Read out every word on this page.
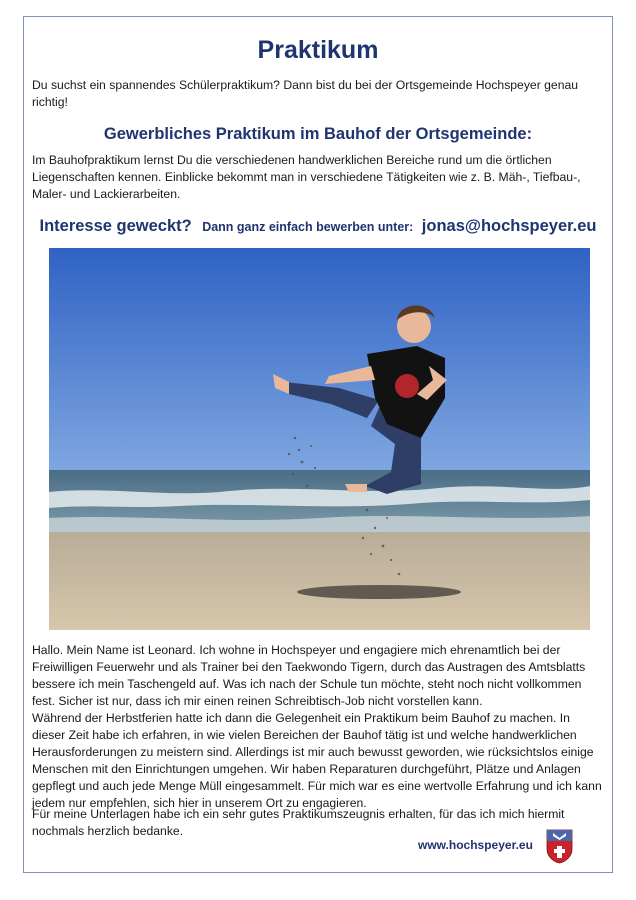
Praktikum

Du suchst ein spannendes Schülerpraktikum? Dann bist du bei der Ortsgemeinde Hochspeyer genau richtig!

Gewerbliches Praktikum im Bauhof der Ortsgemeinde:

Im Bauhofpraktikum lernst Du die verschiedenen handwerklichen Bereiche rund um die örtlichen Liegenschaften kennen. Einblicke bekommt man in verschiedene Tätigkeiten wie z. B. Mäh-, Tiefbau-, Maler- und Lackierarbeiten.

Interesse geweckt? Dann ganz einfach bewerben unter: jonas@hochspeyer.eu

Hallo. Mein Name ist Leonard. Ich wohne in Hochspeyer und engagiere mich ehrenamtlich bei der Freiwilligen Feuerwehr und als Trainer bei den Taekwondo Tigern, durch das Austragen des Amtsblatts bessere ich mein Taschengeld auf. Was ich nach der Schule tun möchte, steht noch nicht vollkommen fest. Sicher ist nur, dass ich mir einen reinen Schreibtisch-Job nicht vorstellen kann.

Während der Herbstferien hatte ich dann die Gelegenheit ein Praktikum beim Bauhof zu machen. In dieser Zeit habe ich erfahren, in wie vielen Bereichen der Bauhof tätig ist und welche handwerklichen Herausforderungen zu meistern sind. Allerdings ist mir auch bewusst geworden, wie rücksichtslos einige Menschen mit den Einrichtungen umgehen. Wir haben Reparaturen durchgeführt, Plätze und Anlagen gepflegt und auch jede Menge Müll eingesammelt. Für mich war es eine wertvolle Erfahrung und ich kann jedem nur empfehlen, sich hier in unserem Ort zu engagieren.

Für meine Unterlagen habe ich ein sehr gutes Praktikumszeugnis erhalten, für das ich mich hiermit nochmals herzlich bedanke.

www.hochspeyer.eu
